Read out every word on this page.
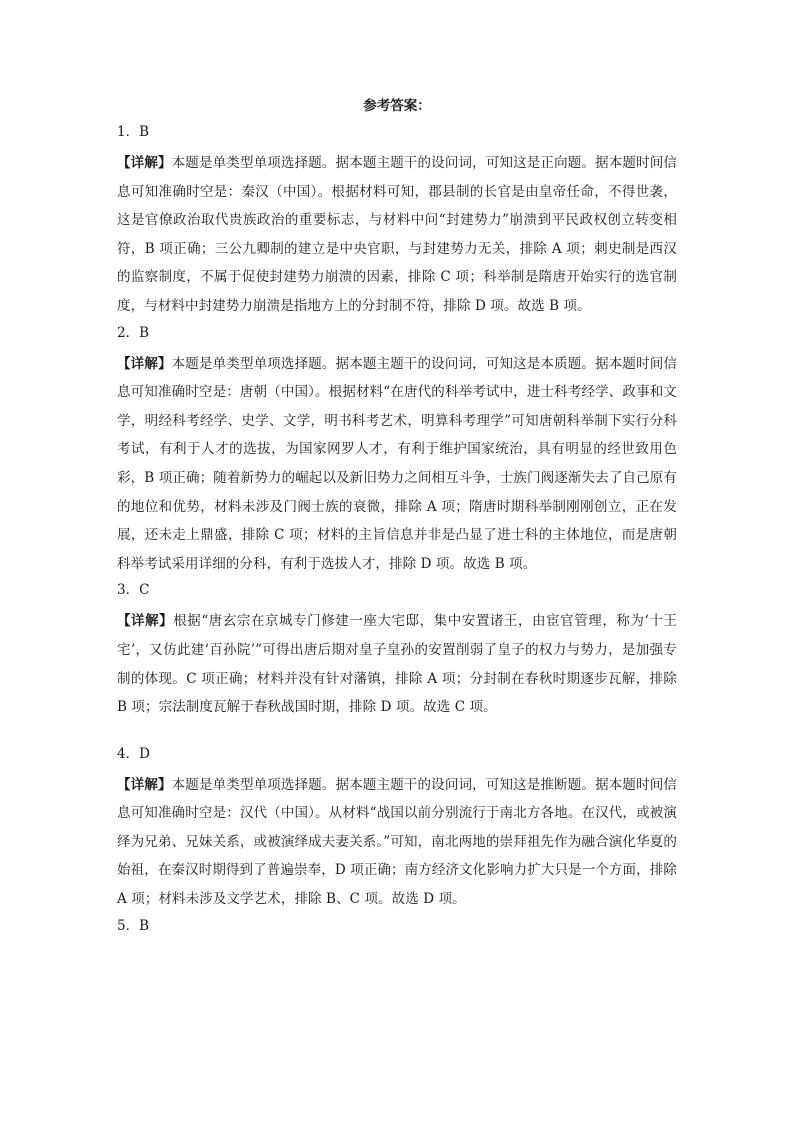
参考答案：

1．B

【详解】本题是单类型单项选择题。据本题主题干的设问词，可知这是正向题。据本题时间信息可知准确时空是：秦汉（中国）。根据材料可知，郡县制的长官是由皇帝任命，不得世袭，这是官僚政治取代贵族政治的重要标志，与材料中问“封建势力”崩溃到平民政权创立转变相符，B 项正确；三公九卿制的建立是中央官职，与封建势力无关，排除 A 项；刺史制是西汉的监察制度，不属于促使封建势力崩溃的因素，排除 C 项；科举制是隋唐开始实行的选官制度，与材料中封建势力崩溃是指地方上的分封制不符，排除 D 项。故选 B 项。

2．B

【详解】本题是单类型单项选择题。据本题主题干的设问词，可知这是本质题。据本题时间信息可知准确时空是：唐朝（中国）。根据材料“在唐代的科举考试中，进士科考经学、政事和文学，明经科考经学、史学、文学，明书科考艺术，明算科考理学”可知唐朝科举制下实行分科考试，有利于人才的选拔，为国家网罗人才，有利于维护国家统治，具有明显的经世致用色彩，B 项正确；随着新势力的崛起以及新旧势力之间相互斗争，士族门阀逐渐失去了自己原有的地位和优势，材料未涉及门阀士族的衰微，排除 A 项；隋唐时期科举制刚刚创立，正在发展，还未走上鼎盛，排除 C 项；材料的主旨信息并非是凸显了进士科的主体地位，而是唐朝科举考试采用详细的分科，有利于选拔人才，排除 D 项。故选 B 项。

3．C

【详解】根据“唐玄宗在京城专门修建一座大宅邸，集中安置诸王，由宦官管理，称为‘十王宅’，又仿此建‘百孙院’”可得出唐后期对皇子皇孙的安置削弱了皇子的权力与势力，是加强专制的体现。C 项正确；材料并没有针对藩镇，排除 A 项；分封制在春秋时期逐步瓦解，排除 B 项；宗法制度瓦解于春秋战国时期，排除 D 项。故选 C 项。

4．D

【详解】本题是单类型单项选择题。据本题主题干的设问词，可知这是推断题。据本题时间信息可知准确时空是：汉代（中国）。从材料“战国以前分别流行于南北方各地。在汉代，或被演绎为兄弟、兄妹关系，或被演绎成夫妻关系。”可知，南北两地的崇拜祖先作为融合演化华夏的始祖，在秦汉时期得到了普遍崇奉，D 项正确；南方经济文化影响力扩大只是一个方面，排除 A 项；材料未涉及文学艺术，排除 B、C 项。故选 D 项。

5．B
